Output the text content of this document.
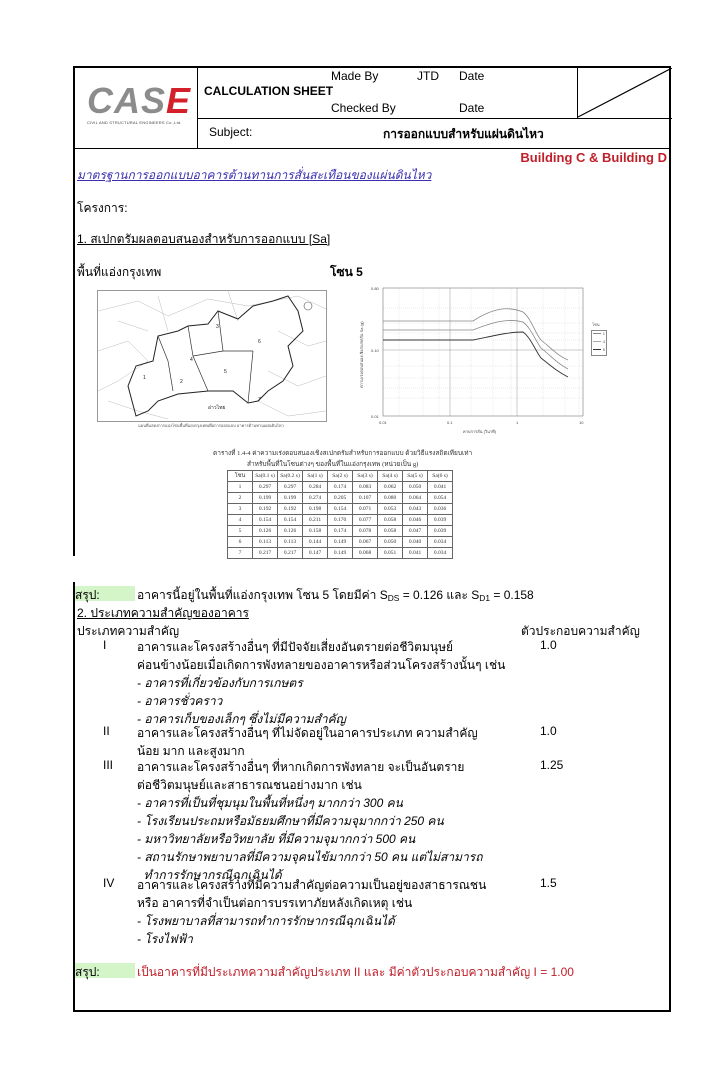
CASE
CIVIL AND STRUCTURAL ENGINEERS Co.,Ltd.
CALCULATION SHEET
Made By	JTD Date
Checked By	Date
Subject:	การออกแบบสำหรับแผ่นดินไหว
Building C & Building D
มาตรฐานการออกแบบอาคารต้านทานการสั่นสะเทือนของแผ่นดินไหว
โครงการ:
1. สเปกตรัมผลตอบสนองสำหรับการออกแบบ [Sa]
พื้นที่แอ่งกรุงเทพ	โซน 5
1
2
3
4
5
6
7
อ่าวไทย
แผนที่แสดงการแบ่งโซนพื้นที่แอ่งกรุงเทพเพื่อการออกแบบ อาคารต้านทานแผ่นดินไหว
0.80
0.10
0.01
0.01	0.1	1	10
คาบการสั่น (วินาที)
ความเร่งตอบสนองเชิงสเปกตรัม Sa (g)	โซน
1
4
5
ตารางที่ 1.4-4 ค่าความเร่งตอบสนองเชิงสเปกตรัมสำหรับการออกแบบ ด้วยวิธีแรงสถิตเทียบเท่า
สำหรับพื้นที่ในโซนต่างๆ ของพื้นที่ในแอ่งกรุงเทพ (หน่วยเป็น g)
โซน	Sa(0.1 s)	Sa(0.2 s)	Sa(1 s)	Sa(2 s)	Sa(3 s)	Sa(4 s)	Sa(5 s)	Sa(6 s)
1	0.297	0.297	0.284	0.174	0.083	0.062	0.050	0.041
2	0.199	0.199	0.274	0.205	0.107	0.080	0.064	0.054
3	0.192	0.192	0.198	0.154	0.071	0.053	0.043	0.036
4	0.154	0.154	0.211	0.170	0.077	0.058	0.046	0.039
5	0.126	0.126	0.158	0.174	0.078	0.058	0.047	0.039
6	0.113	0.113	0.144	0.149	0.067	0.050	0.040	0.034
7	0.217	0.217	0.147	0.149	0.068	0.051	0.041	0.034
สรุป:	อาคารนี้อยู่ในพื้นที่แอ่งกรุงเทพ โซน 5 โดยมีค่า $S_{DS} = 0.126$ และ $S_{D1} = 0.158$
2. ประเภทความสำคัญของอาคาร
ประเภทความสำคัญ	ตัวประกอบความสำคัญ
I	1.0
อาคารและโครงสร้างอื่นๆ ที่มีปัจจัยเสี่ยงอันตรายต่อชีวิตมนุษย์
ค่อนข้างน้อยเมื่อเกิดการพังทลายของอาคารหรือส่วนโครงสร้างนั้นๆ เช่น
- อาคารที่เกี่ยวข้องกับการเกษตร
- อาคารชั่วคราว
- อาคารเก็บของเล็กๆ ซึ่งไม่มีความสำคัญ
II	1.0
อาคารและโครงสร้างอื่นๆ ที่ไม่จัดอยู่ในอาคารประเภท ความสำคัญ
น้อย มาก และสูงมาก
III	1.25
อาคารและโครงสร้างอื่นๆ ที่หากเกิดการพังทลาย จะเป็นอันตราย
ต่อชีวิตมนุษย์และสาธารณชนอย่างมาก เช่น
- อาคารที่เป็นที่ชุมนุมในพื้นที่หนึ่งๆ มากกว่า 300 คน
- โรงเรียนประถมหรือมัธยมศึกษาที่มีความจุมากกว่า 250 คน
- มหาวิทยาลัยหรือวิทยาลัย ที่มีความจุมากกว่า 500 คน
- สถานรักษาพยาบาลที่มีความจุคนไข้มากกว่า 50 คน แต่ไม่สามารถ
ทำการรักษากรณีฉุกเฉินได้
IV	1.5
อาคารและโครงสร้างที่มีความสำคัญต่อความเป็นอยู่ของสาธารณชน
หรือ อาคารที่จำเป็นต่อการบรรเทาภัยหลังเกิดเหตุ เช่น
- โรงพยาบาลที่สามารถทำการรักษากรณีฉุกเฉินได้
- โรงไฟฟ้า
สรุป:	เป็นอาคารที่มีประเภทความสำคัญประเภท II และ มีค่าตัวประกอบความสำคัญ I = 1.00
